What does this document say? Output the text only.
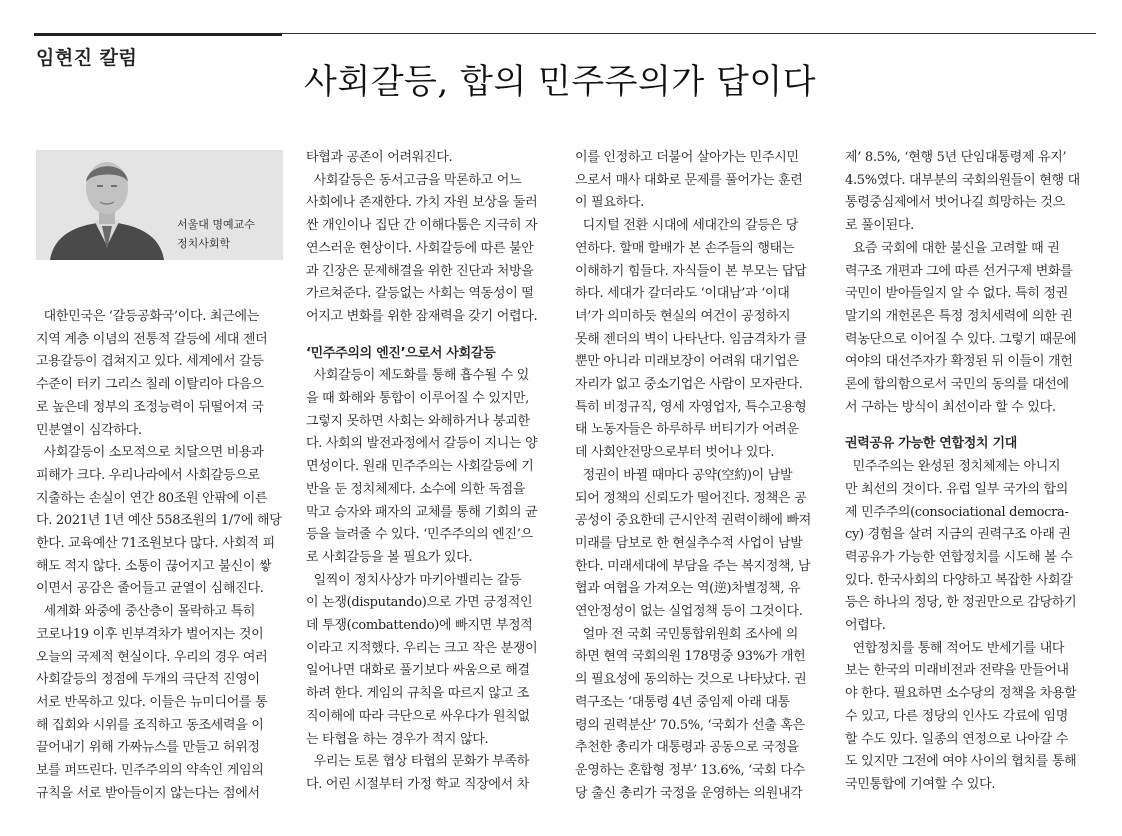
임현진 칼럼
사회갈등, 합의 민주주의가 답이다
서울대 명예교수
정치사회학

대한민국은 ‘갈등공화국’이다. 최근에는

지역 계층 이념의 전통적 갈등에 세대 젠더

고용갈등이 겹쳐지고 있다. 세계에서 갈등

수준이 터키 그리스 칠레 이탈리아 다음으

로 높은데 정부의 조정능력이 뒤떨어져 국

민분열이 심각하다.

사회갈등이 소모적으로 치달으면 비용과

피해가 크다. 우리나라에서 사회갈등으로

지출하는 손실이 연간 80조원 안팎에 이른

다. 2021년 1년 예산 558조원의 1/7에 해당

한다. 교육예산 71조원보다 많다. 사회적 피

해도 적지 않다. 소통이 끊어지고 불신이 쌓

이면서 공감은 줄어들고 균열이 심해진다.

세계화 와중에 중산층이 몰락하고 특히

코로나19 이후 빈부격차가 벌어지는 것이

오늘의 국제적 현실이다. 우리의 경우 여러

사회갈등의 정점에 두개의 극단적 진영이

서로 반목하고 있다. 이들은 뉴미디어를 통

해 집회와 시위를 조직하고 동조세력을 이

끌어내기 위해 가짜뉴스를 만들고 허위정

보를 퍼뜨린다. 민주주의의 약속인 게임의

규칙을 서로 받아들이지 않는다는 점에서

타협과 공존이 어려워진다.

사회갈등은 동서고금을 막론하고 어느

사회에나 존재한다. 가치 자원 보상을 둘러

싼 개인이나 집단 간 이해다툼은 지극히 자

연스러운 현상이다. 사회갈등에 따른 불안

과 긴장은 문제해결을 위한 진단과 처방을

가르쳐준다. 갈등없는 사회는 역동성이 떨

어지고 변화를 위한 잠재력을 갖기 어렵다.

‘민주주의의 엔진’으로서 사회갈등

사회갈등이 제도화를 통해 흡수될 수 있

을 때 화해와 통합이 이루어질 수 있지만,

그렇지 못하면 사회는 와해하거나 붕괴한

다. 사회의 발전과정에서 갈등이 지니는 양

면성이다. 원래 민주주의는 사회갈등에 기

반을 둔 정치체제다. 소수에 의한 독점을

막고 승자와 패자의 교체를 통해 기회의 균

등을 늘려줄 수 있다. ‘민주주의의 엔진’으

로 사회갈등을 볼 필요가 있다.

일찍이 정치사상가 마키아벨리는 갈등

이 논쟁(disputando)으로 가면 긍정적인

데 투쟁(combattendo)에 빠지면 부정적

이라고 지적했다. 우리는 크고 작은 분쟁이

일어나면 대화로 풀기보다 싸움으로 해결

하려 한다. 게임의 규칙을 따르지 않고 조

직이해에 따라 극단으로 싸우다가 원칙없

는 타협을 하는 경우가 적지 않다.

우리는 토론 협상 타협의 문화가 부족하

다. 어린 시절부터 가정 학교 직장에서 차

이를 인정하고 더불어 살아가는 민주시민

으로서 매사 대화로 문제를 풀어가는 훈련

이 필요하다.

디지털 전환 시대에 세대간의 갈등은 당

연하다. 할매 할배가 본 손주들의 행태는

이해하기 힘들다. 자식들이 본 부모는 답답

하다. 세대가 갈더라도 ‘이대남’과 ‘이대

녀’가 의미하듯 현실의 여건이 공정하지

못해 젠더의 벽이 나타난다. 임금격차가 클

뿐만 아니라 미래보장이 어려워 대기업은

자리가 없고 중소기업은 사람이 모자란다.

특히 비정규직, 영세 자영업자, 특수고용형

태 노동자들은 하루하루 버티기가 어려운

데 사회안전망으로부터 벗어나 있다.

정권이 바뀔 때마다 공약(空約)이 남발

되어 정책의 신뢰도가 떨어진다. 정책은 공

공성이 중요한데 근시안적 권력이해에 빠져

미래를 담보로 한 현실추수적 사업이 남발

한다. 미래세대에 부담을 주는 복지정책, 남

협과 여협을 가져오는 역(逆)차별정책, 유

연안정성이 없는 실업정책 등이 그것이다.

얼마 전 국회 국민통합위원회 조사에 의

하면 현역 국회의원 178명중 93%가 개헌

의 필요성에 동의하는 것으로 나타났다. 권

력구조는 ‘대통령 4년 중임제 아래 대통

령의 권력분산’ 70.5%, ‘국회가 선출 혹은

추천한 총리가 대통령과 공동으로 국정을

운영하는 혼합형 정부’ 13.6%, ‘국회 다수

당 출신 총리가 국정을 운영하는 의원내각

제’ 8.5%, ‘현행 5년 단임대통령제 유지’

4.5%였다. 대부분의 국회의원들이 현행 대

통령중심제에서 벗어나길 희망하는 것으

로 풀이된다.

요즘 국회에 대한 불신을 고려할 때 권

력구조 개편과 그에 따른 선거구제 변화를

국민이 받아들일지 알 수 없다. 특히 정권

말기의 개헌론은 특정 정치세력에 의한 권

력농단으로 이어질 수 있다. 그렇기 때문에

여야의 대선주자가 확정된 뒤 이들이 개헌

론에 합의함으로서 국민의 동의를 대선에

서 구하는 방식이 최선이라 할 수 있다.

권력공유 가능한 연합정치 기대

민주주의는 완성된 정치체제는 아니지

만 최선의 것이다. 유럽 일부 국가의 합의

제 민주주의(consociational democra-

cy) 경험을 살려 지금의 권력구조 아래 권

력공유가 가능한 연합정치를 시도해 볼 수

있다. 한국사회의 다양하고 복잡한 사회갈

등은 하나의 정당, 한 정권만으로 감당하기

어렵다.

연합정치를 통해 적어도 반세기를 내다

보는 한국의 미래비전과 전략을 만들어내

야 한다. 필요하면 소수당의 정책을 차용할

수 있고, 다른 정당의 인사도 각료에 임명

할 수도 있다. 일종의 연정으로 나아갈 수

도 있지만 그전에 여야 사이의 협치를 통해

국민통합에 기여할 수 있다.
